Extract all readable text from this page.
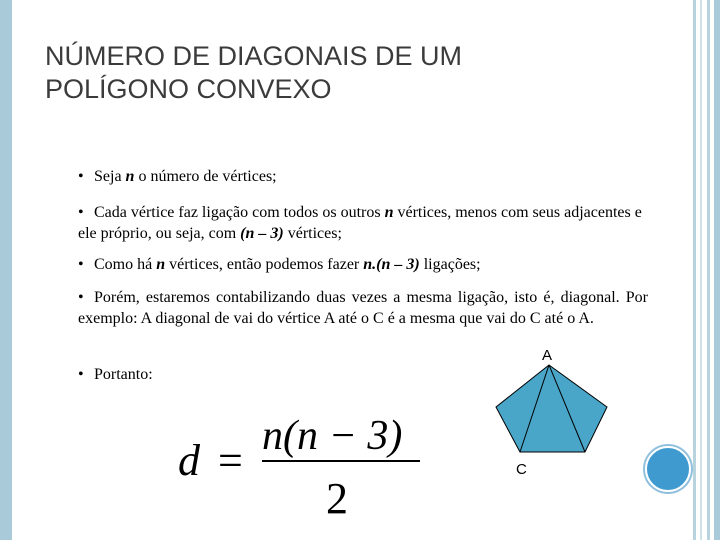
NÚMERO DE DIAGONAIS DE UM
POLÍGONO CONVEXO
• Seja n o número de vértices;
• Cada vértice faz ligação com todos os outros n vértices, menos com seus adjacentes e ele próprio, ou seja, com (n – 3) vértices;
• Como há n vértices, então podemos fazer n.(n – 3) ligações;
• Porém, estaremos contabilizando duas vezes a mesma ligação, isto é, diagonal. Por exemplo: A diagonal de vai do vértice A até o C é a mesma que vai do C até o A.
• Portanto:
d = n(n − 3)
2
A
C
